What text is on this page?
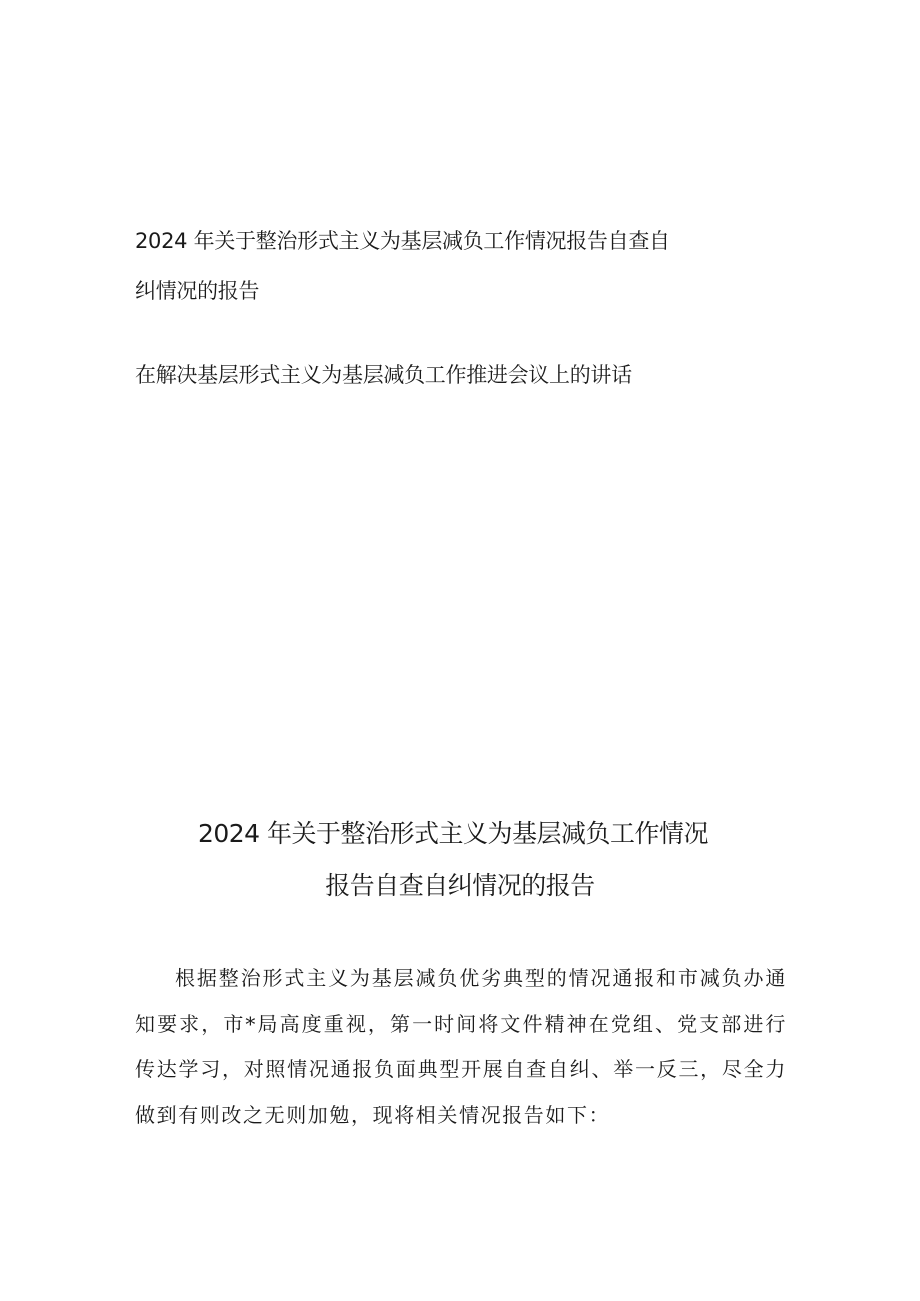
2024 年关于整治形式主义为基层减负工作情况报告自查自
纠情况的报告
在解决基层形式主义为基层减负工作推进会议上的讲话
2024 年关于整治形式主义为基层减负工作情况
报告自查自纠情况的报告
根据整治形式主义为基层减负优劣典型的情况通报和市减负办通知要求，市*局高度重视，第一时间将文件精神在党组、党支部进行传达学习，对照情况通报负面典型开展自查自纠、举一反三，尽全力做到有则改之无则加勉，现将相关情况报告如下：
